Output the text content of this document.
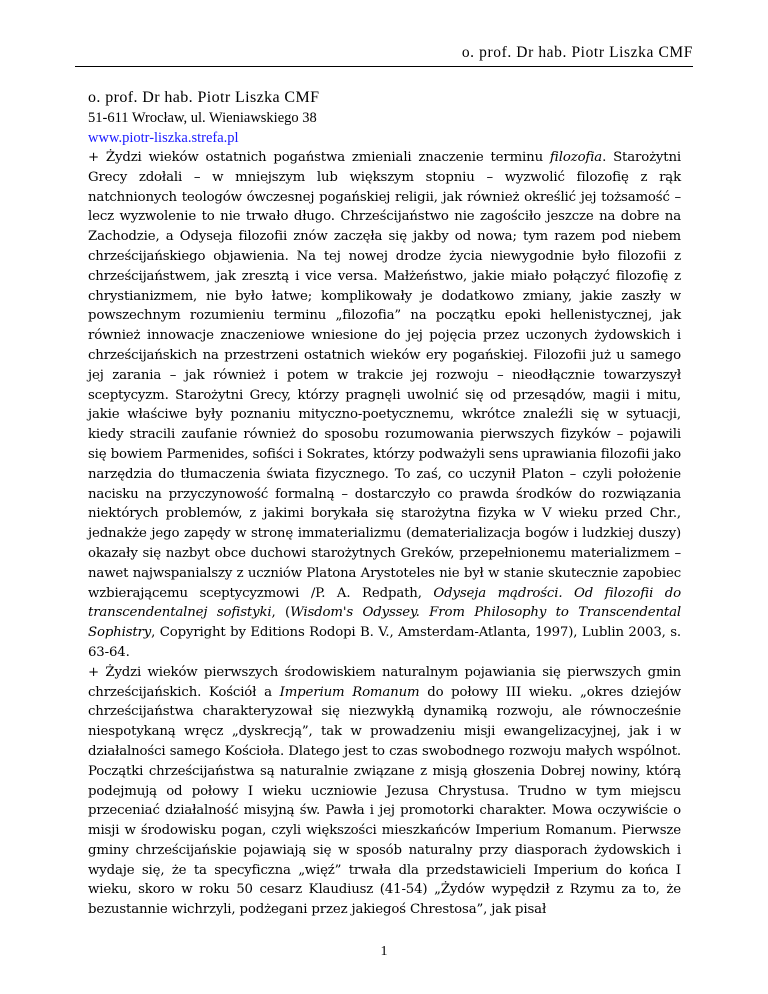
o. prof. Dr hab. Piotr Liszka CMF
o. prof. Dr hab. Piotr Liszka CMF
51-611 Wrocław, ul. Wieniawskiego 38
www.piotr-liszka.strefa.pl

+ Żydzi wieków ostatnich pogaństwa zmieniali znaczenie terminu filozofia. Starożytni Grecy zdołali – w mniejszym lub większym stopniu – wyzwolić filozofię z rąk natchnionych teologów ówczesnej pogańskiej religii, jak również określić jej tożsamość – lecz wyzwolenie to nie trwało długo. Chrześcijaństwo nie zagościło jeszcze na dobre na Zachodzie, a Odyseja filozofii znów zaczęła się jakby od nowa; tym razem pod niebem chrześcijańskiego objawienia. Na tej nowej drodze życia niewygodnie było filozofii z chrześcijaństwem, jak zresztą i vice versa. Małżeństwo, jakie miało połączyć filozofię z chrystianizmem, nie było łatwe; komplikowały je dodatkowo zmiany, jakie zaszły w powszechnym rozumieniu terminu „filozofia” na początku epoki hellenistycznej, jak również innowacje znaczeniowe wniesione do jej pojęcia przez uczonych żydowskich i chrześcijańskich na przestrzeni ostatnich wieków ery pogańskiej. Filozofii już u samego jej zarania – jak również i potem w trakcie jej rozwoju – nieodłącznie towarzyszył sceptycyzm. Starożytni Grecy, którzy pragnęli uwolnić się od przesądów, magii i mitu, jakie właściwe były poznaniu mityczno-poetycznemu, wkrótce znaleźli się w sytuacji, kiedy stracili zaufanie również do sposobu rozumowania pierwszych fizyków – pojawili się bowiem Parmenides, sofiści i Sokrates, którzy podważyli sens uprawiania filozofii jako narzędzia do tłumaczenia świata fizycznego. To zaś, co uczynił Platon – czyli położenie nacisku na przyczynowość formalną – dostarczyło co prawda środków do rozwiązania niektórych problemów, z jakimi borykała się starożytna fizyka w V wieku przed Chr., jednakże jego zapędy w stronę immaterializmu (dematerializacja bogów i ludzkiej duszy) okazały się nazbyt obce duchowi starożytnych Greków, przepełnionemu materializmem – nawet najwspanialszy z uczniów Platona Arystoteles nie był w stanie skutecznie zapobiec wzbierającemu sceptycyzmowi /P. A. Redpath, Odyseja mądrości. Od filozofii do transcendentalnej sofistyki, (Wisdom's Odyssey. From Philosophy to Transcendental Sophistry, Copyright by Editions Rodopi B. V., Amsterdam-Atlanta, 1997), Lublin 2003, s. 63-64.

+ Żydzi wieków pierwszych środowiskiem naturalnym pojawiania się pierwszych gmin chrześcijańskich. Kościół a Imperium Romanum do połowy III wieku. „okres dziejów chrześcijaństwa charakteryzował się niezwykłą dynamiką rozwoju, ale równocześnie niespotykaną wręcz „dyskrecją”, tak w prowadzeniu misji ewangelizacyjnej, jak i w działalności samego Kościoła. Dlatego jest to czas swobodnego rozwoju małych wspólnot. Początki chrześcijaństwa są naturalnie związane z misją głoszenia Dobrej nowiny, którą podejmują od połowy I wieku uczniowie Jezusa Chrystusa. Trudno w tym miejscu przeceniać działalność misyjną św. Pawła i jej promotorki charakter. Mowa oczywiście o misji w środowisku pogan, czyli większości mieszkańców Imperium Romanum. Pierwsze gminy chrześcijańskie pojawiają się w sposób naturalny przy diasporach żydowskich i wydaje się, że ta specyficzna „więź” trwała dla przedstawicieli Imperium do końca I wieku, skoro w roku 50 cesarz Klaudiusz (41-54) „Żydów wypędził z Rzymu za to, że bezustannie wichrzyli, podżegani przez jakiegoś Chrestosa”, jak pisał

1
